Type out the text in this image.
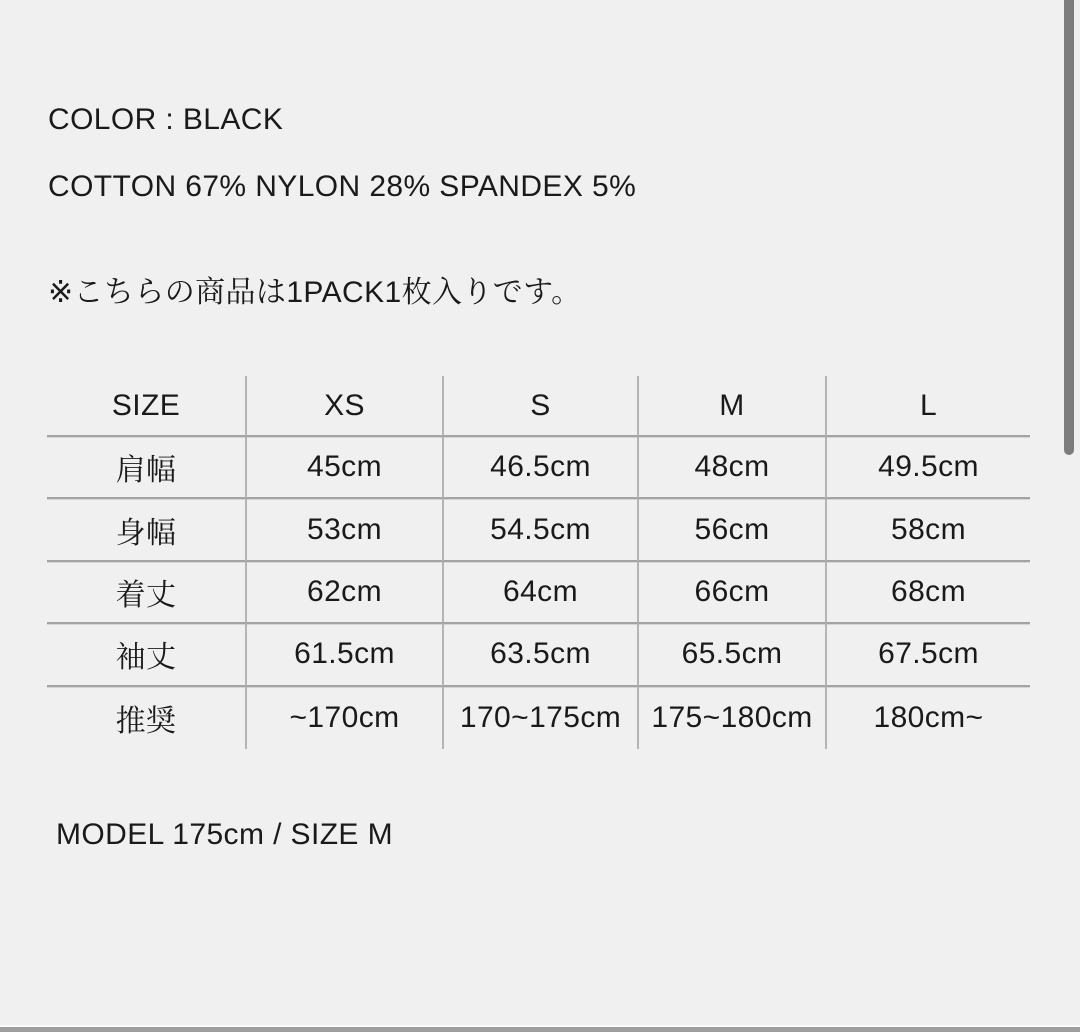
COLOR : BLACK
COTTON 67% NYLON 28% SPANDEX 5%
※こちらの商品は1PACK1枚入りです。
SIZE	XS	S	M	L
肩幅	45cm	46.5cm	48cm	49.5cm
身幅	53cm	54.5cm	56cm	58cm
着丈	62cm	64cm	66cm	68cm
袖丈	61.5cm	63.5cm	65.5cm	67.5cm
推奨	~170cm	170~175cm	175~180cm	180cm~
MODEL 175cm / SIZE M
